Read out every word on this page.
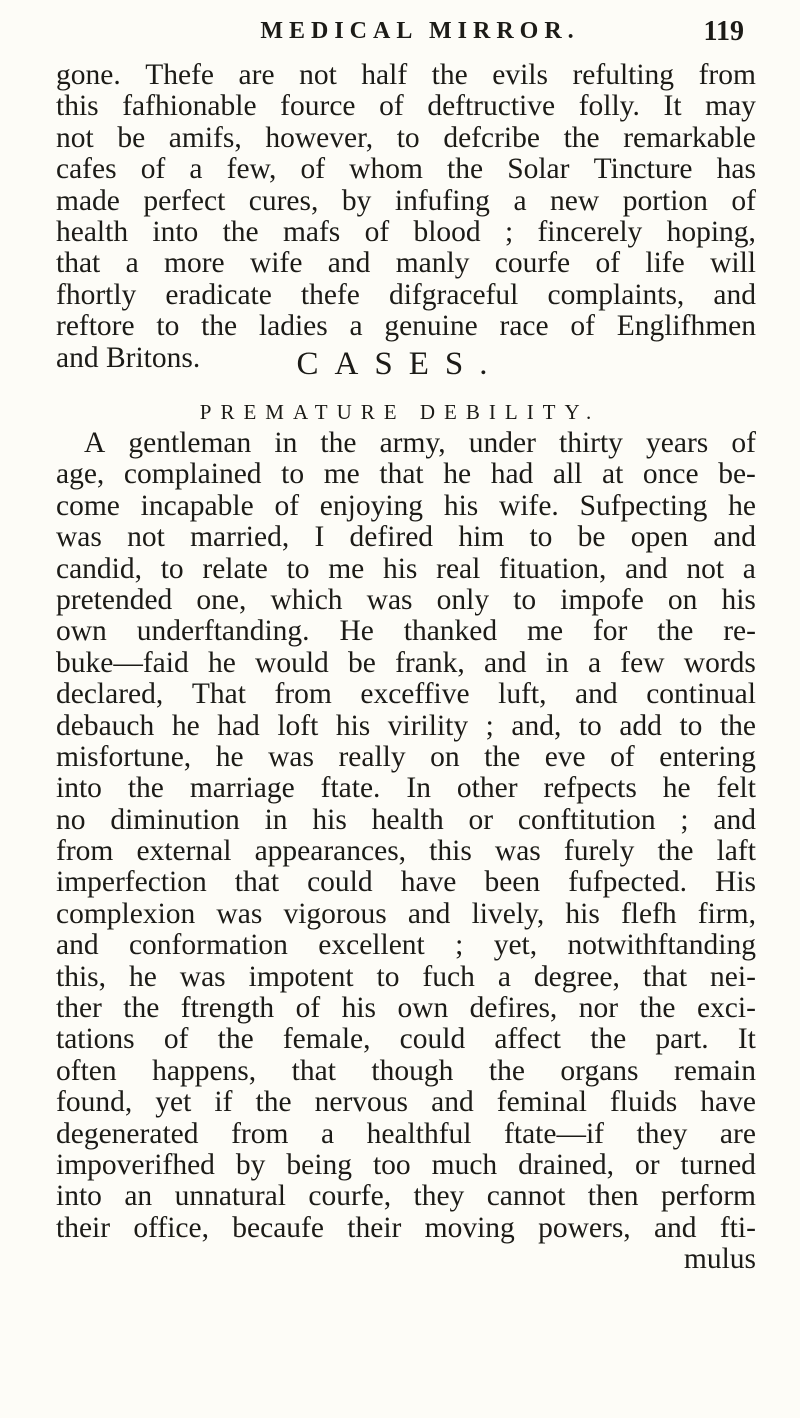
MEDICAL MIRROR.	119
gone. Thefe are not half the evils refulting from
this fafhionable fource of deftructive folly. It may
not be amifs, however, to defcribe the remarkable
cafes of a few, of whom the Solar Tincture has
made perfect cures, by infufing a new portion of
health into the mafs of blood ; fincerely hoping,
that a more wife and manly courfe of life will
fhortly eradicate thefe difgraceful complaints, and
reftore to the ladies a genuine race of Englifhmen
and Britons.	CASES.
PREMATURE DEBILITY.
A gentleman in the army, under thirty years of
age, complained to me that he had all at once be-
come incapable of enjoying his wife. Sufpecting he
was not married, I defired him to be open and
candid, to relate to me his real fituation, and not a
pretended one, which was only to impofe on his
own underftanding. He thanked me for the re-
buke—faid he would be frank, and in a few words
declared, That from exceffive luft, and continual
debauch he had loft his virility ; and, to add to the
misfortune, he was really on the eve of entering
into the marriage ftate. In other refpects he felt
no diminution in his health or conftitution ; and
from external appearances, this was furely the laft
imperfection that could have been fufpected. His
complexion was vigorous and lively, his flefh firm,
and conformation excellent ; yet, notwithftanding
this, he was impotent to fuch a degree, that nei-
ther the ftrength of his own defires, nor the exci-
tations of the female, could affect the part. It
often happens, that though the organs remain
found, yet if the nervous and feminal fluids have
degenerated from a healthful ftate—if they are
impoverifhed by being too much drained, or turned
into an unnatural courfe, they cannot then perform
their office, becaufe their moving powers, and fti-
mulus
